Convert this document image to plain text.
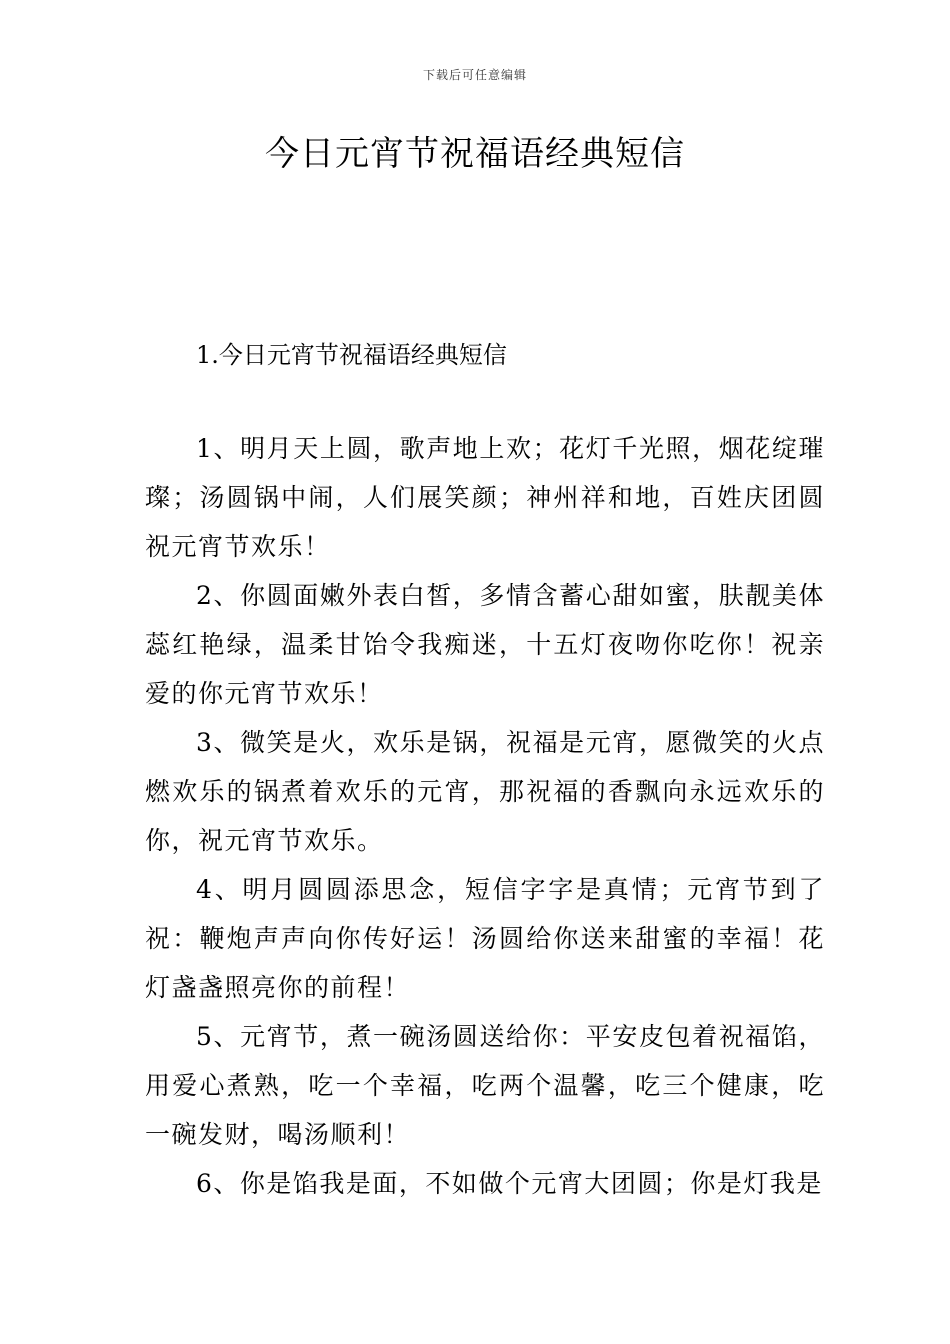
下载后可任意编辑
今日元宵节祝福语经典短信
1.今日元宵节祝福语经典短信

1、明月天上圆，歌声地上欢；花灯千光照，烟花绽璀璨；汤圆锅中闹，人们展笑颜；神州祥和地，百姓庆团圆祝元宵节欢乐！

2、你圆面嫩外表白皙，多情含蓄心甜如蜜，肤靓美体蕊红艳绿，温柔甘饴令我痴迷，十五灯夜吻你吃你！祝亲爱的你元宵节欢乐！

3、微笑是火，欢乐是锅，祝福是元宵，愿微笑的火点燃欢乐的锅煮着欢乐的元宵，那祝福的香飘向永远欢乐的你，祝元宵节欢乐。

4、明月圆圆添思念，短信字字是真情；元宵节到了祝：鞭炮声声向你传好运！汤圆给你送来甜蜜的幸福！花灯盏盏照亮你的前程！

5、元宵节，煮一碗汤圆送给你：平安皮包着祝福馅，用爱心煮熟，吃一个幸福，吃两个温馨，吃三个健康，吃一碗发财，喝汤顺利！

6、你是馅我是面，不如做个元宵大团圆；你是灯我是
